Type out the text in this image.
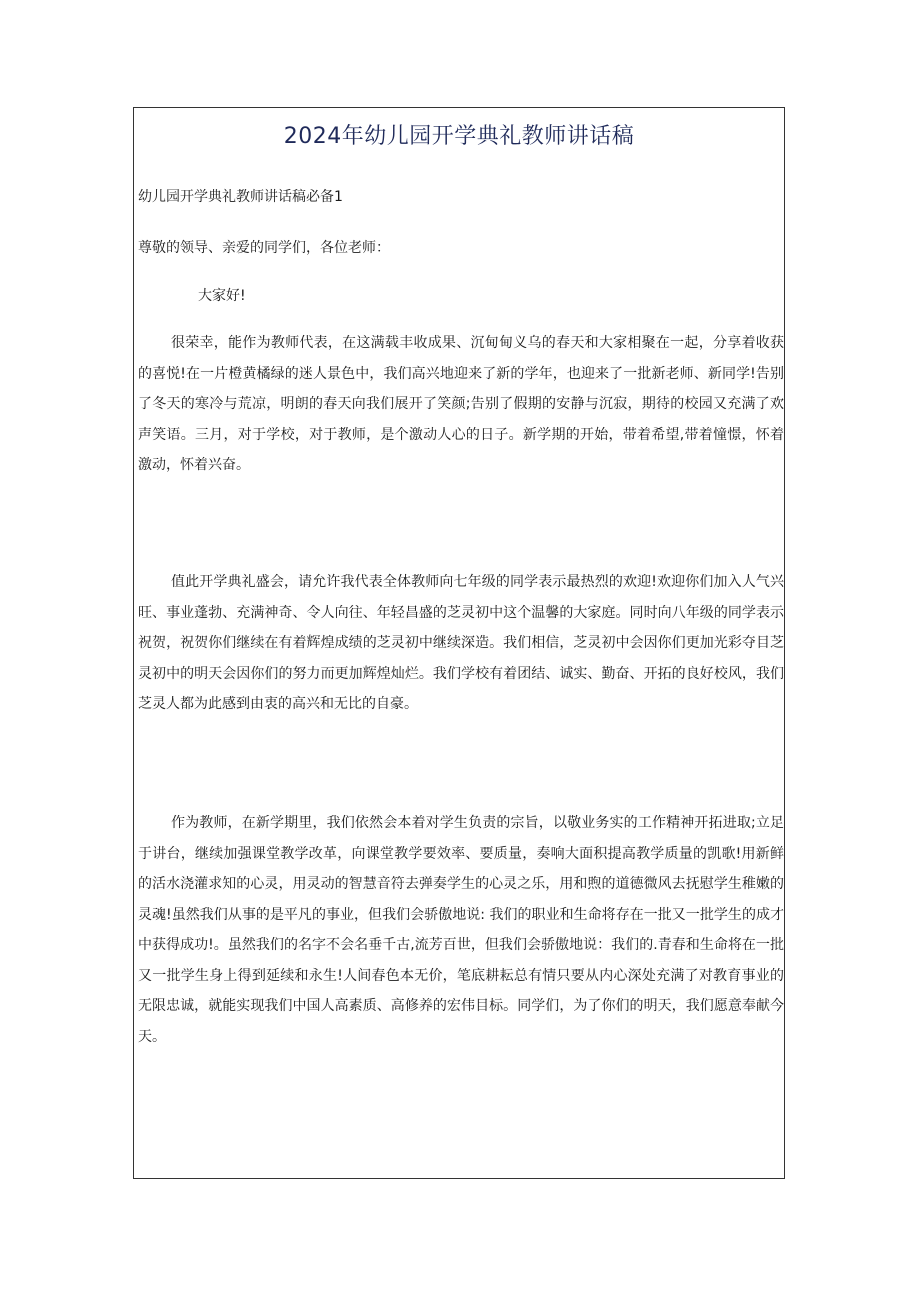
2024年幼儿园开学典礼教师讲话稿
幼儿园开学典礼教师讲话稿必备1
尊敬的领导、亲爱的同学们，各位老师：
大家好!

很荣幸，能作为教师代表，在这满载丰收成果、沉甸甸义乌的春天和大家相聚在一起，分享着收获的喜悦!在一片橙黄橘绿的迷人景色中，我们高兴地迎来了新的学年，也迎来了一批新老师、新同学!告别了冬天的寒冷与荒凉，明朗的春天向我们展开了笑颜;告别了假期的安静与沉寂，期待的校园又充满了欢声笑语。三月，对于学校，对于教师，是个激动人心的日子。新学期的开始，带着希望,带着憧憬，怀着激动，怀着兴奋。

值此开学典礼盛会，请允许我代表全体教师向七年级的同学表示最热烈的欢迎!欢迎你们加入人气兴旺、事业蓬勃、充满神奇、令人向往、年轻昌盛的芝灵初中这个温馨的大家庭。同时向八年级的同学表示祝贺，祝贺你们继续在有着辉煌成绩的芝灵初中继续深造。我们相信，芝灵初中会因你们更加光彩夺目芝灵初中的明天会因你们的努力而更加辉煌灿烂。我们学校有着团结、诚实、勤奋、开拓的良好校风，我们芝灵人都为此感到由衷的高兴和无比的自豪。

作为教师，在新学期里，我们依然会本着对学生负责的宗旨，以敬业务实的工作精神开拓进取;立足于讲台，继续加强课堂教学改革，向课堂教学要效率、要质量，奏响大面积提高教学质量的凯歌!用新鲜的活水浇灌求知的心灵，用灵动的智慧音符去弹奏学生的心灵之乐，用和煦的道德微风去抚慰学生稚嫩的灵魂!虽然我们从事的是平凡的事业，但我们会骄傲地说: 我们的职业和生命将存在一批又一批学生的成才中获得成功!。虽然我们的名字不会名垂千古,流芳百世，但我们会骄傲地说：我们的.青春和生命将在一批又一批学生身上得到延续和永生!人间春色本无价，笔底耕耘总有情只要从内心深处充满了对教育事业的无限忠诚，就能实现我们中国人高素质、高修养的宏伟目标。同学们，为了你们的明天，我们愿意奉献今天。
